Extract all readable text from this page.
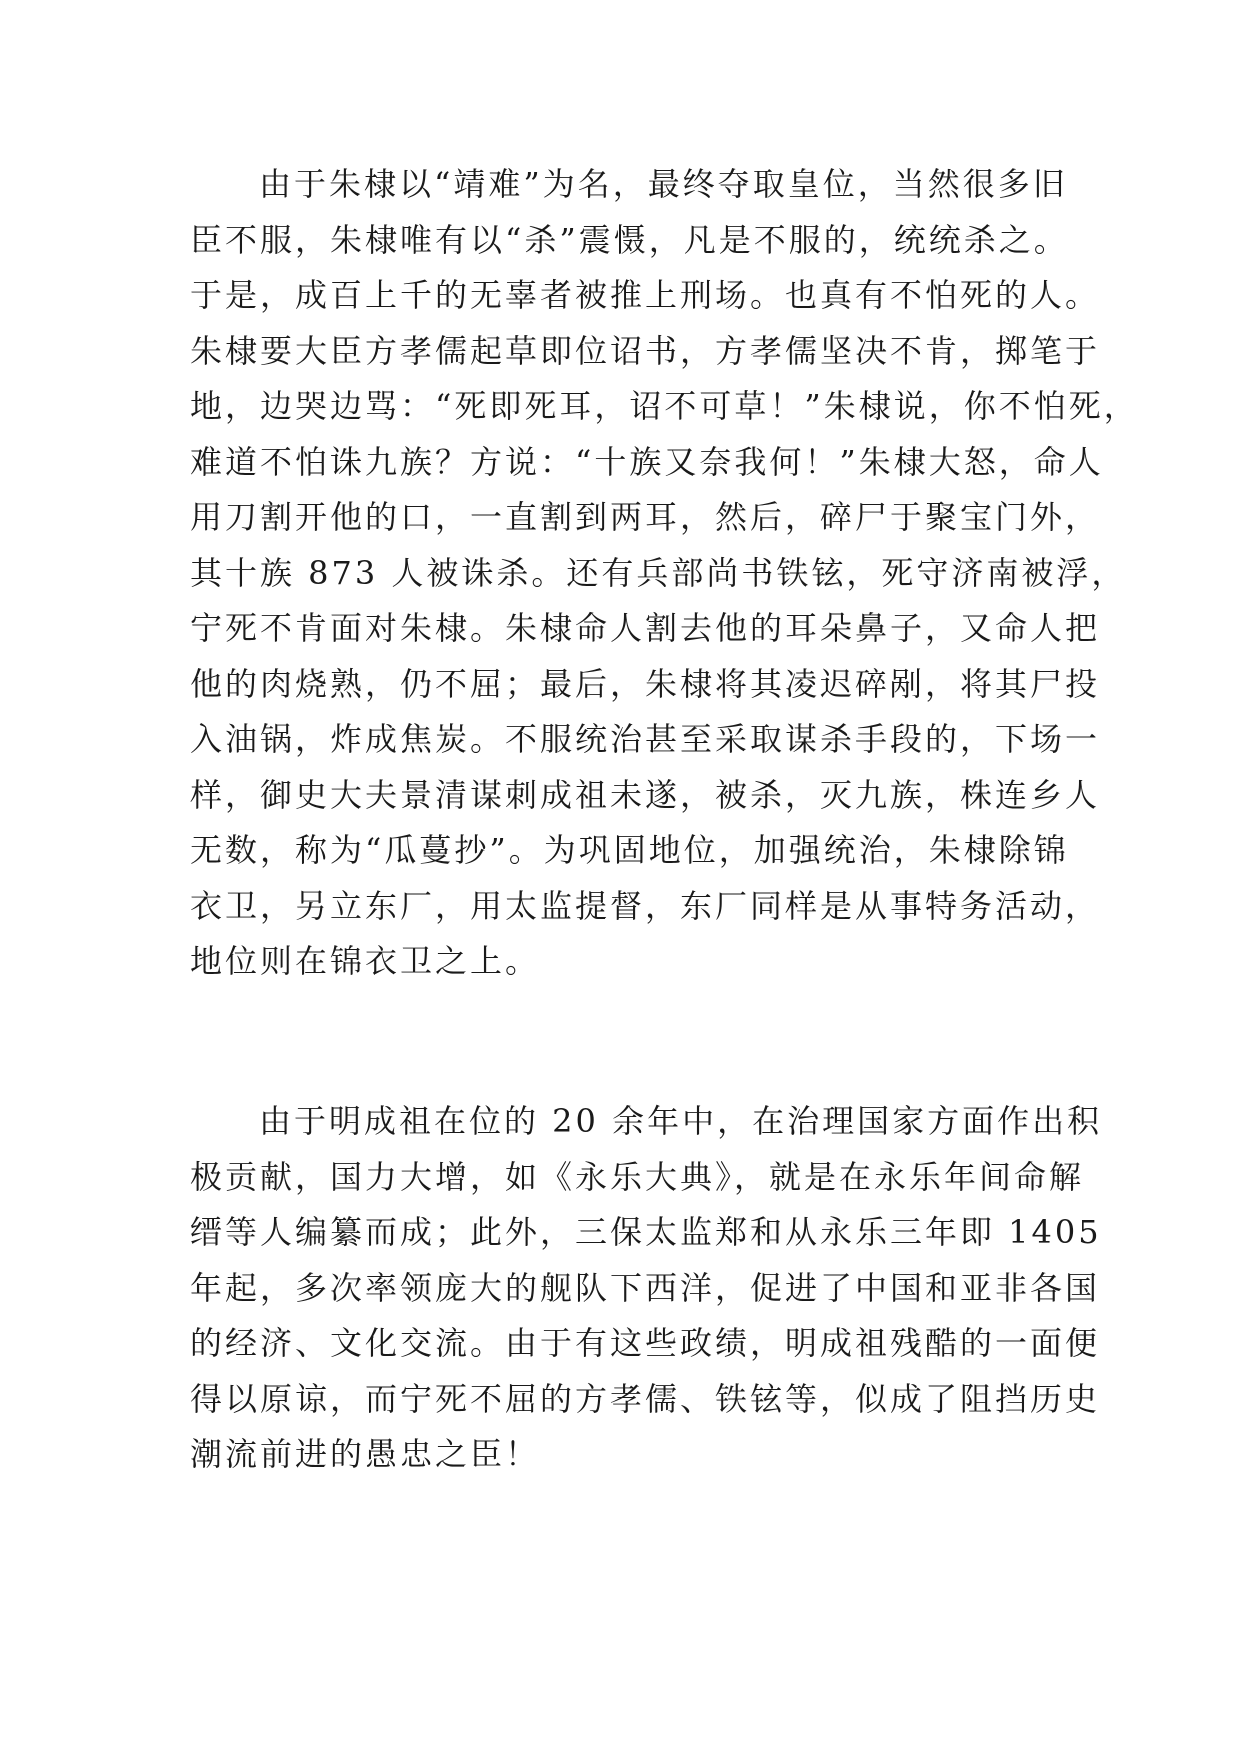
由于朱棣以“靖难”为名，最终夺取皇位，当然很多旧
臣不服，朱棣唯有以“杀”震慑，凡是不服的，统统杀之。
于是，成百上千的无辜者被推上刑场。也真有不怕死的人。
朱棣要大臣方孝儒起草即位诏书，方孝儒坚决不肯，掷笔于
地，边哭边骂：“死即死耳，诏不可草！”朱棣说，你不怕死，
难道不怕诛九族？方说：“十族又奈我何！”朱棣大怒，命人
用刀割开他的口，一直割到两耳，然后，碎尸于聚宝门外，
其十族 873 人被诛杀。还有兵部尚书铁铉，死守济南被浮，
宁死不肯面对朱棣。朱棣命人割去他的耳朵鼻子，又命人把
他的肉烧熟，仍不屈；最后，朱棣将其凌迟碎剐，将其尸投
入油锅，炸成焦炭。不服统治甚至采取谋杀手段的，下场一
样，御史大夫景清谋刺成祖未遂，被杀，灭九族，株连乡人
无数，称为“瓜蔓抄”。为巩固地位，加强统治，朱棣除锦
衣卫，另立东厂，用太监提督，东厂同样是从事特务活动，
地位则在锦衣卫之上。
由于明成祖在位的 20 余年中，在治理国家方面作出积
极贡献，国力大增，如《永乐大典》，就是在永乐年间命解
缙等人编纂而成；此外，三保太监郑和从永乐三年即 1405
年起，多次率领庞大的舰队下西洋，促进了中国和亚非各国
的经济、文化交流。由于有这些政绩，明成祖残酷的一面便
得以原谅，而宁死不屈的方孝儒、铁铉等，似成了阻挡历史
潮流前进的愚忠之臣！
